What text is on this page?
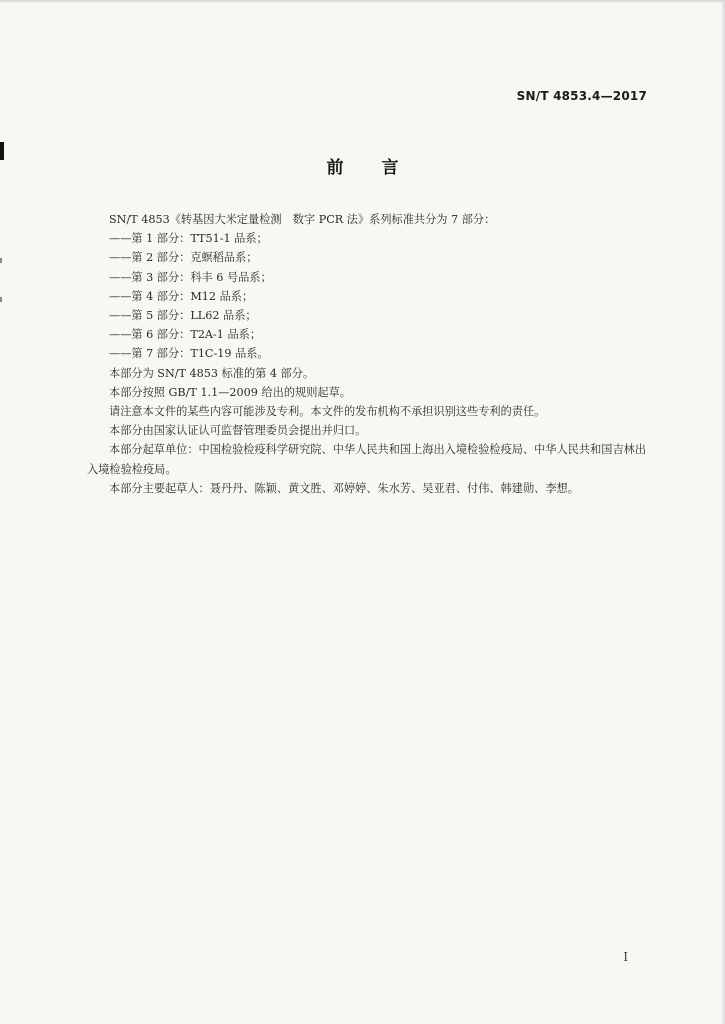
SN/T 4853.4—2017
前言

SN/T 4853《转基因大米定量检测　数字 PCR 法》系列标准共分为 7 部分：

——第 1 部分：TT51-1 品系；

——第 2 部分：克螟稻品系；

——第 3 部分：科丰 6 号品系；

——第 4 部分：M12 品系；

——第 5 部分：LL62 品系；

——第 6 部分：T2A-1 品系；

——第 7 部分：T1C-19 品系。

本部分为 SN/T 4853 标准的第 4 部分。

本部分按照 GB/T 1.1—2009 给出的规则起草。

请注意本文件的某些内容可能涉及专利。本文件的发布机构不承担识别这些专利的责任。

本部分由国家认证认可监督管理委员会提出并归口。

本部分起草单位：中国检验检疫科学研究院、中华人民共和国上海出入境检验检疫局、中华人民共和国吉林出入境检验检疫局。

本部分主要起草人：聂丹丹、陈颖、黄文胜、邓婷婷、朱水芳、吴亚君、付伟、韩建勋、李想。

I
